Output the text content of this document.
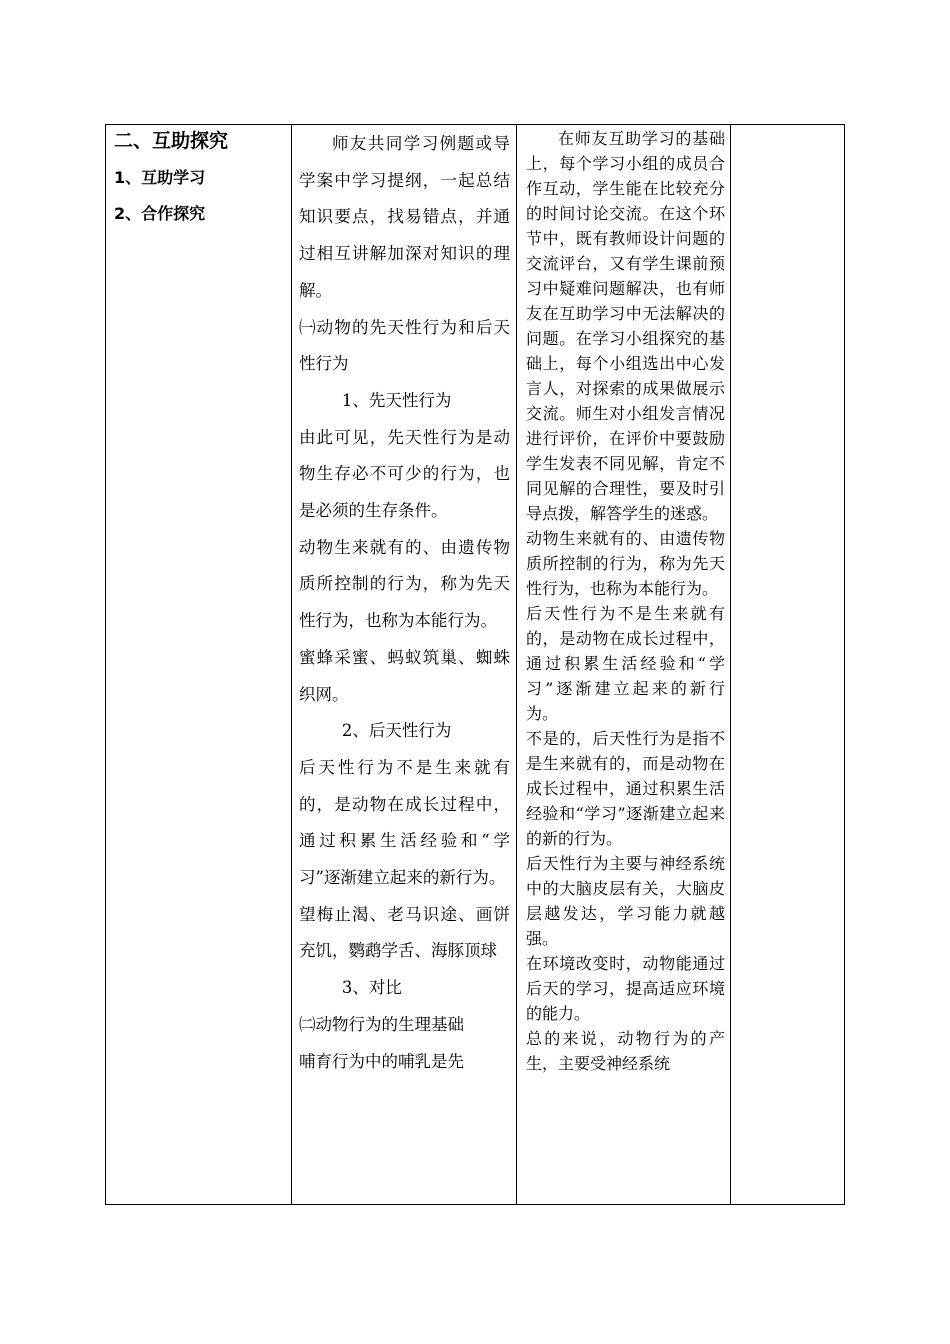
二、互助探究
1、互助学习
2、合作探究

师友共同学习例题或导学案中学习提纲，一起总结知识要点，找易错点，并通过相互讲解加深对知识的理解。

㈠动物的先天性行为和后天性行为

1、先天性行为

由此可见，先天性行为是动物生存必不可少的行为，也是必须的生存条件。

动物生来就有的、由遗传物质所控制的行为，称为先天性行为，也称为本能行为。

蜜蜂采蜜、蚂蚁筑巢、蜘蛛织网。

2、后天性行为

后天性行为不是生来就有的，是动物在成长过程中，通过积累生活经验和“学习”逐渐建立起来的新行为。

望梅止渴、老马识途、画饼充饥，鹦鹉学舌、海豚顶球

3、对比

㈡动物行为的生理基础

哺育行为中的哺乳是先

在师友互助学习的基础上，每个学习小组的成员合作互动，学生能在比较充分的时间讨论交流。在这个环节中，既有教师设计问题的交流评台，又有学生课前预习中疑难问题解决，也有师友在互助学习中无法解决的问题。在学习小组探究的基础上，每个小组选出中心发言人，对探索的成果做展示交流。师生对小组发言情况进行评价，在评价中要鼓励学生发表不同见解，肯定不同见解的合理性，要及时引导点拨，解答学生的迷惑。

动物生来就有的、由遗传物质所控制的行为，称为先天性行为，也称为本能行为。

后天性行为不是生来就有的，是动物在成长过程中，通过积累生活经验和“学习”逐渐建立起来的新行为。

不是的，后天性行为是指不是生来就有的，而是动物在成长过程中，通过积累生活经验和“学习”逐渐建立起来的新的行为。

后天性行为主要与神经系统中的大脑皮层有关，大脑皮层越发达，学习能力就越强。

在环境改变时，动物能通过后天的学习，提高适应环境的能力。

总的来说，动物行为的产生，主要受神经系统
